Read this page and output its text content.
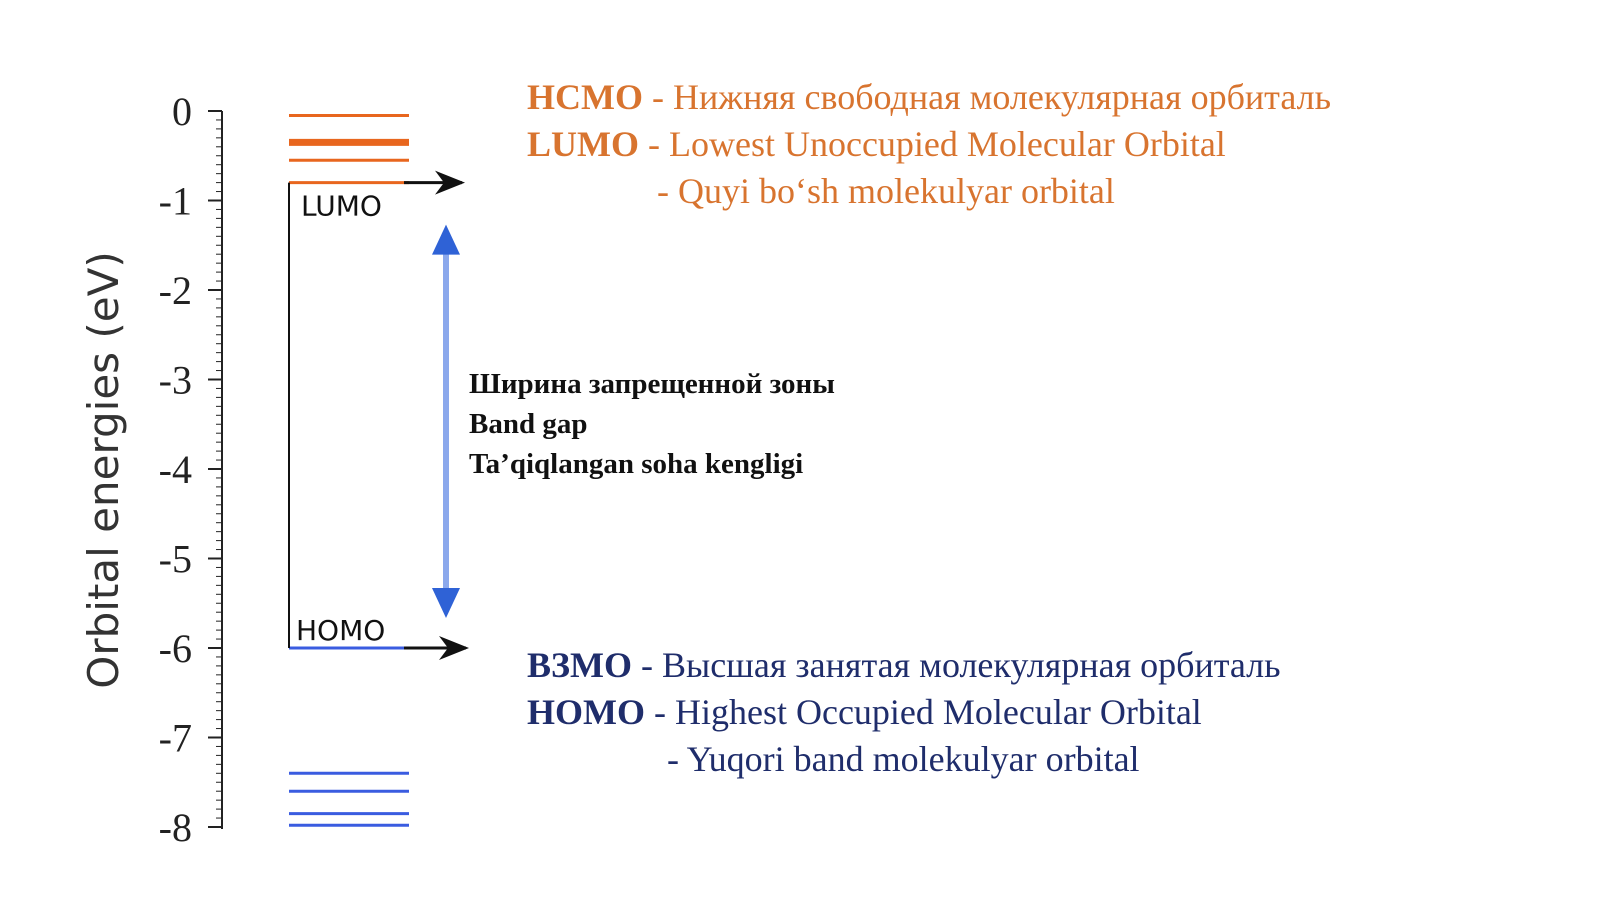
Orbital energies (eV)
0
-1
-2
-3
-4
-5
-6
-7
-8
LUMO
HOMO
Ширина запрещенной зоны
Band gap
Ta’qiqlangan soha kengligi
НСМО - Нижняя свободная молекулярная орбиталь
LUMO - Lowest Unoccupied Molecular Orbital
- Quyi bo‘sh molekulyar orbital
ВЗМО - Высшая занятая молекулярная орбиталь
HOMO - Highest Occupied Molecular Orbital
- Yuqori band molekulyar orbital
